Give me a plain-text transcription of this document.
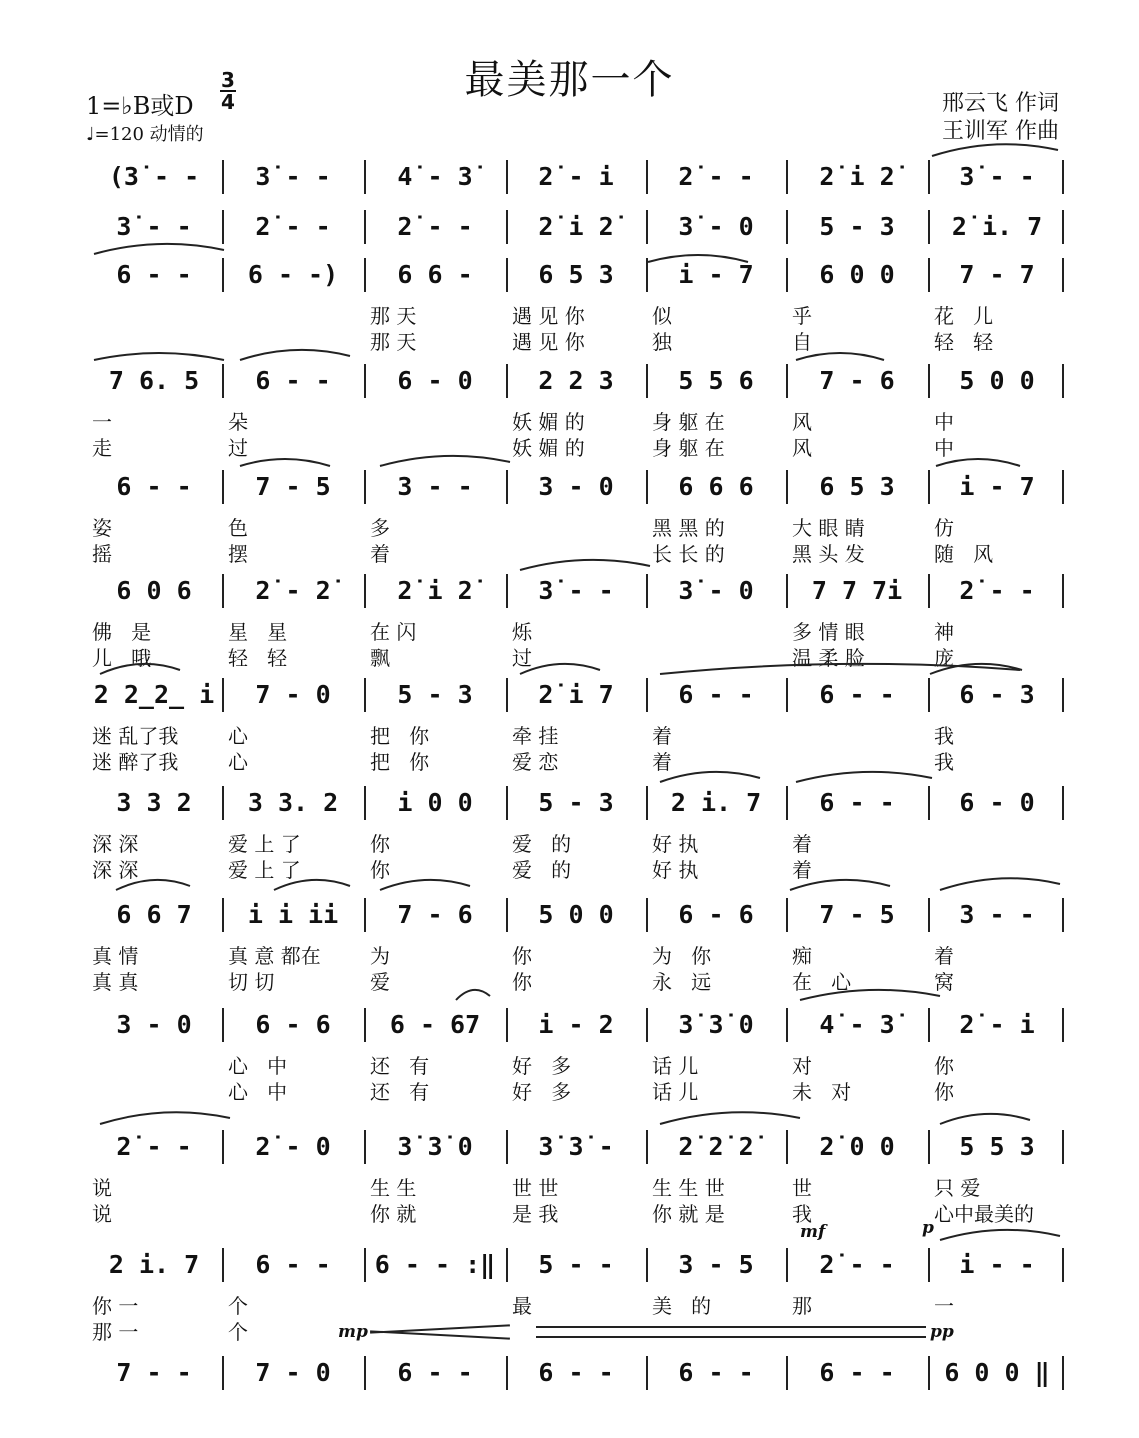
最美那一个
1=♭B或D
3
4
♩=120 动情的
邢云飞 作词
王训军 作曲
(3̇ - -	3̇ - -	4̇ - 3̇	2̇ - i	2̇ - -	2̇ i 2̇	3̇ - -
3̇ - -	2̇ - -	2̇ - -	2̇ i 2̇	3̇ - 0	5 - 3	2̇ i. 7
6 - -	6 - -)	6 6 -	6 5 3	i - 7	6 0 0	7 - 7
那 天	遇 见 你	似	乎	花   儿
那 天	遇 见 你	独	自	轻   轻
7 6. 5	6 - -	6 - 0	2 2 3	5 5 6	7 - 6	5 0 0
一	朵	妖 媚 的	身 躯 在	风	中
走	过	妖 媚 的	身 躯 在	风	中
6 - -	7 - 5	3 - -	3 - 0	6 6 6	6 5 3	i - 7
姿	色	多	黑 黑 的	大 眼 睛	仿
摇	摆	着	长 长 的	黑 头 发	随   风
6 0 6	2̇ - 2̇	2̇ i 2̇	3̇ - -	3̇ - 0	7 7 7i	2̇ - -
佛   是	星   星	在 闪	烁	多 情 眼	神
儿   哦	轻   轻	飘	过	温 柔 脸	庞
2 2̲2̲ i	7 - 0	5 - 3	2̇ i 7	6 - -	6 - -	6 - 3
迷 乱了我 心	把   你	牵 挂	着	我
迷 醉了我 心	把   你	爱 恋	着	我
3 3 2	3 3. 2	i 0 0	5 - 3	2 i. 7	6 - -	6 - 0
深 深	爱 上 了	你	爱   的	好 执	着
深 深	爱 上 了	你	爱   的	好 执	着
6 6 7	i i ii	7 - 6	5 0 0	6 - 6	7 - 5	3 - -
真 情	真 意 都在 为	你	为   你	痴	着
真 真	切 切	爱	你	永   远	在   心	窝
3 - 0	6 - 6	6 - 67	i - 2	3̇ 3̇ 0	4̇ - 3̇	2̇ - i
心   中	还   有	好   多	话 儿	对	你
心   中	还   有	好   多	话 儿	未   对	你
2̇ - -	2̇ - 0	3̇ 3̇ 0	3̇ 3̇ -	2̇ 2̇ 2̇	2̇ 0 0	5 5 3
说	生 生	世 世	生 生 世	世	只 爱
说	你 就	是 我	你 就 是	我	心中最美的
2 i. 7	6 - -	6 - - :‖	5 - -	3 - 5	2̇ - -	i - -
你 一	个	最	美   的	那	一
那 一	个
7 - -	7 - 0	6 - -	6 - -	6 - -	6 - -	6 0 0 ‖
mf	p
mp	pp
